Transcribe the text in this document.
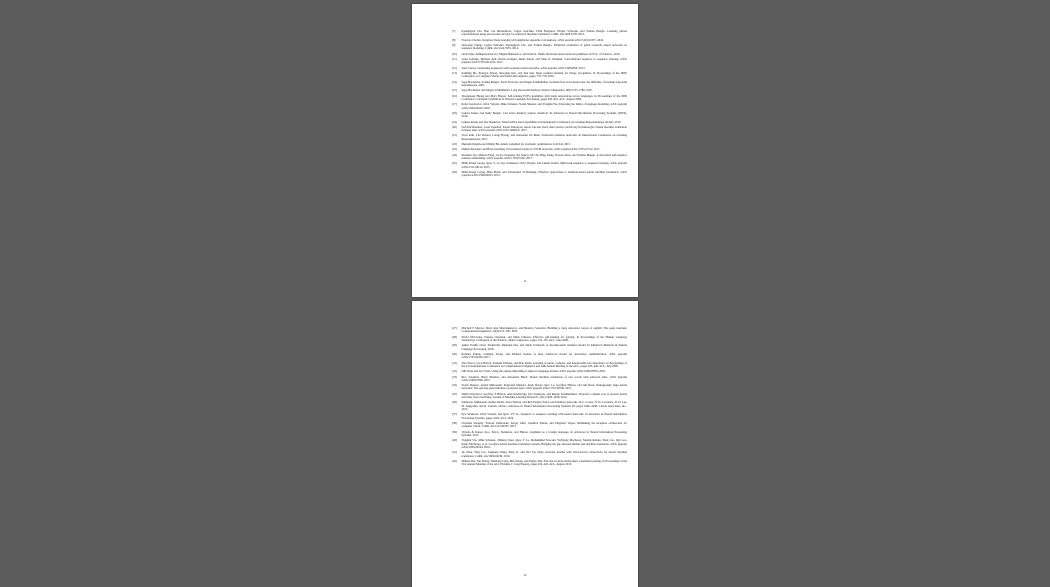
[7]	Kyunghyun Cho, Bart van Merrienboer, Caglar Gulcehre, Fethi Bougares, Holger Schwenk, and Yoshua Bengio. Learning phrase representations using rnn encoder-decoder for statistical machine translation. CoRR, abs/1406.1078, 2014.
[8]	Francois Chollet. Xception: Deep learning with depthwise separable convolutions. arXiv preprint arXiv:1610.02357, 2016.
[9]	Junyoung Chung, Çaglar Gülçehre, Kyunghyun Cho, and Yoshua Bengio. Empirical evaluation of gated recurrent neural networks on sequence modeling. CoRR, abs/1412.3555, 2014.
[10]	Chris Dyer, Adhiguna Kuncoro, Miguel Ballesteros, and Noah A. Smith. Recurrent neural network grammars. In Proc. of NAACL, 2016.
[11]	Jonas Gehring, Michael Auli, David Grangier, Denis Yarats, and Yann N. Dauphin. Convolutional sequence to sequence learning. arXiv preprint arXiv:1705.03122v2, 2017.
[12]	Alex Graves. Generating sequences with recurrent neural networks. arXiv preprint arXiv:1308.0850, 2013.
[13]	Kaiming He, Xiangyu Zhang, Shaoqing Ren, and Jian Sun. Deep residual learning for image recognition. In Proceedings of the IEEE Conference on Computer Vision and Pattern Recognition, pages 770–778, 2016.
[14]	Sepp Hochreiter, Yoshua Bengio, Paolo Frasconi, and Jürgen Schmidhuber. Gradient flow in recurrent nets: the difficulty of learning long-term dependencies, 2001.
[15]	Sepp Hochreiter and Jürgen Schmidhuber. Long short-term memory. Neural computation, 9(8):1735–1780, 1997.
[16]	Zhongqiang Huang and Mary Harper. Self-training PCFG grammars with latent annotations across languages. In Proceedings of the 2009 Conference on Empirical Methods in Natural Language Processing, pages 832–841. ACL, August 2009.
[17]	Rafal Jozefowicz, Oriol Vinyals, Mike Schuster, Noam Shazeer, and Yonghui Wu. Exploring the limits of language modeling. arXiv preprint arXiv:1602.02410, 2016.
[18]	Łukasz Kaiser and Samy Bengio. Can active memory replace attention? In Advances in Neural Information Processing Systems, (NIPS), 2016.
[19]	Łukasz Kaiser and Ilya Sutskever. Neural GPUs learn algorithms. In International Conference on Learning Representations (ICLR), 2016.
[20]	Nal Kalchbrenner, Lasse Espeholt, Karen Simonyan, Aaron van den Oord, Alex Graves, and Koray Kavukcuoglu. Neural machine translation in linear time. arXiv preprint arXiv:1610.10099v2, 2017.
[21]	Yoon Kim, Carl Denton, Luong Hoang, and Alexander M. Rush. Structured attention networks. In International Conference on Learning Representations, 2017.
[22]	Diederik Kingma and Jimmy Ba. Adam: A method for stochastic optimization. In ICLR, 2015.
[23]	Oleksii Kuchaiev and Boris Ginsburg. Factorization tricks for LSTM networks. arXiv preprint arXiv:1703.10722, 2017.
[24]	Zhouhan Lin, Minwei Feng, Cicero Nogueira dos Santos, Mo Yu, Bing Xiang, Bowen Zhou, and Yoshua Bengio. A structured self-attentive sentence embedding. arXiv preprint arXiv:1703.03130, 2017.
[25]	Minh-Thang Luong, Quoc V. Le, Ilya Sutskever, Oriol Vinyals, and Lukasz Kaiser. Multi-task sequence to sequence learning. arXiv preprint arXiv:1511.06114, 2015.
[26]	Minh-Thang Luong, Hieu Pham, and Christopher D Manning. Effective approaches to attention-based neural machine translation. arXiv preprint arXiv:1508.04025, 2015.
11
[27]	Mitchell P Marcus, Mary Ann Marcinkiewicz, and Beatrice Santorini. Building a large annotated corpus of english: The penn treebank. Computational linguistics, 19(2):313–330, 1993.
[28]	David McClosky, Eugene Charniak, and Mark Johnson. Effective self-training for parsing. In Proceedings of the Human Language Technology Conference of the NAACL, Main Conference, pages 152–159. ACL, June 2006.
[29]	Ankur Parikh, Oscar Täckström, Dipanjan Das, and Jakob Uszkoreit. A decomposable attention model. In Empirical Methods in Natural Language Processing, 2016.
[30]	Romain Paulus, Caiming Xiong, and Richard Socher. A deep reinforced model for abstractive summarization. arXiv preprint arXiv:1705.04304, 2017.
[31]	Slav Petrov, Leon Barrett, Romain Thibaux, and Dan Klein. Learning accurate, compact, and interpretable tree annotation. In Proceedings of the 21st International Conference on Computational Linguistics and 44th Annual Meeting of the ACL, pages 433–440. ACL, July 2006.
[32]	Ofir Press and Lior Wolf. Using the output embedding to improve language models. arXiv preprint arXiv:1608.05859, 2016.
[33]	Rico Sennrich, Barry Haddow, and Alexandra Birch. Neural machine translation of rare words with subword units. arXiv preprint arXiv:1508.07909, 2015.
[34]	Noam Shazeer, Azalia Mirhoseini, Krzysztof Maziarz, Andy Davis, Quoc Le, Geoffrey Hinton, and Jeff Dean. Outrageously large neural networks: The sparsely-gated mixture-of-experts layer. arXiv preprint arXiv:1701.06538, 2017.
[35]	Nitish Srivastava, Geoffrey E Hinton, Alex Krizhevsky, Ilya Sutskever, and Ruslan Salakhutdinov. Dropout: a simple way to prevent neural networks from overfitting. Journal of Machine Learning Research, 15(1):1929–1958, 2014.
[36]	Sainbayar Sukhbaatar, Arthur Szlam, Jason Weston, and Rob Fergus. End-to-end memory networks. In C. Cortes, N. D. Lawrence, D. D. Lee, M. Sugiyama, and R. Garnett, editors, Advances in Neural Information Processing Systems 28, pages 2440–2448. Curran Associates, Inc., 2015.
[37]	Ilya Sutskever, Oriol Vinyals, and Quoc VV Le. Sequence to sequence learning with neural networks. In Advances in Neural Information Processing Systems, pages 3104–3112, 2014.
[38]	Christian Szegedy, Vincent Vanhoucke, Sergey Ioffe, Jonathon Shlens, and Zbigniew Wojna. Rethinking the inception architecture for computer vision. CoRR, abs/1512.00567, 2015.
[39]	Vinyals & Kaiser, Koo, Petrov, Sutskever, and Hinton. Grammar as a foreign language. In Advances in Neural Information Processing Systems, 2015.
[40]	Yonghui Wu, Mike Schuster, Zhifeng Chen, Quoc V Le, Mohammad Norouzi, Wolfgang Macherey, Maxim Krikun, Yuan Cao, Qin Gao, Klaus Macherey, et al. Google's neural machine translation system: Bridging the gap between human and machine translation. arXiv preprint arXiv:1609.08144, 2016.
[41]	Jie Zhou, Ying Cao, Xuguang Wang, Peng Li, and Wei Xu. Deep recurrent models with fast-forward connections for neural machine translation. CoRR, abs/1606.04199, 2016.
[42]	Muhua Zhu, Yue Zhang, Wenliang Chen, Min Zhang, and Jingbo Zhu. Fast and accurate shift-reduce constituent parsing. In Proceedings of the 51st Annual Meeting of the ACL (Volume 1: Long Papers), pages 434–443. ACL, August 2013.
12
